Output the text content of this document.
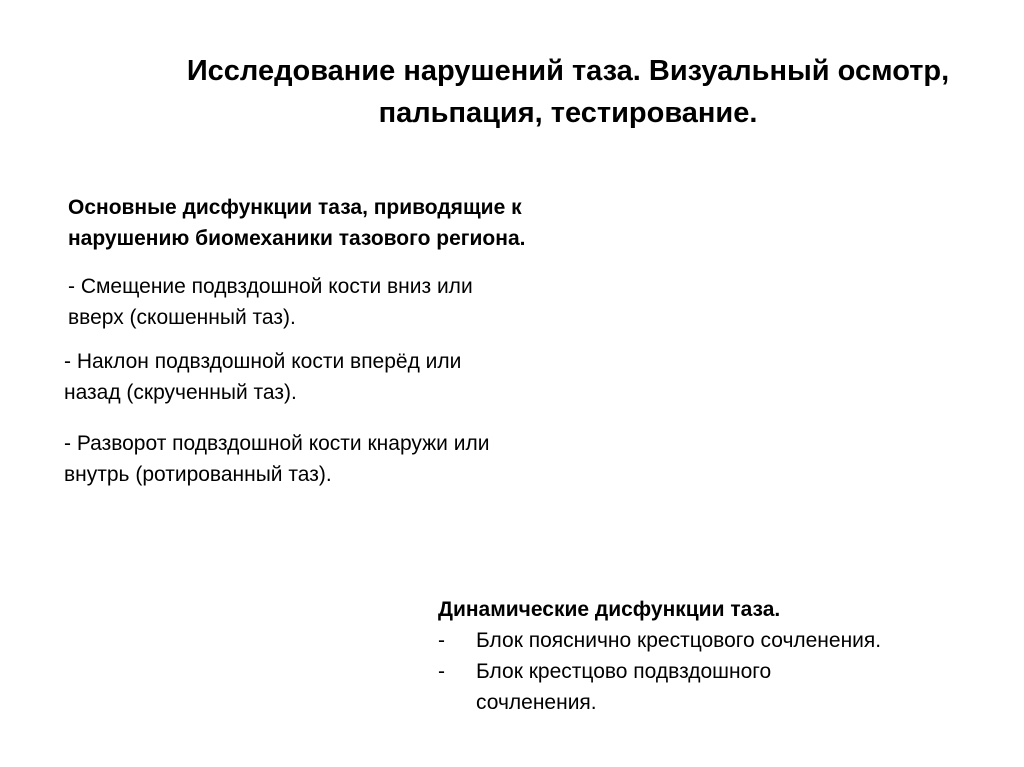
Исследование нарушений таза. Визуальный осмотр,
пальпация, тестирование.
Основные дисфункции таза, приводящие к
нарушению биомеханики тазового региона.

- Смещение подвздошной кости вниз или
вверх (скошенный таз).

- Наклон подвздошной кости вперёд или
назад (скрученный таз).

- Разворот подвздошной кости кнаружи или
внутрь (ротированный таз).

Динамические дисфункции таза.

- Блок пояснично крестцового сочленения.
- Блок крестцово подвздошного
сочленения.
